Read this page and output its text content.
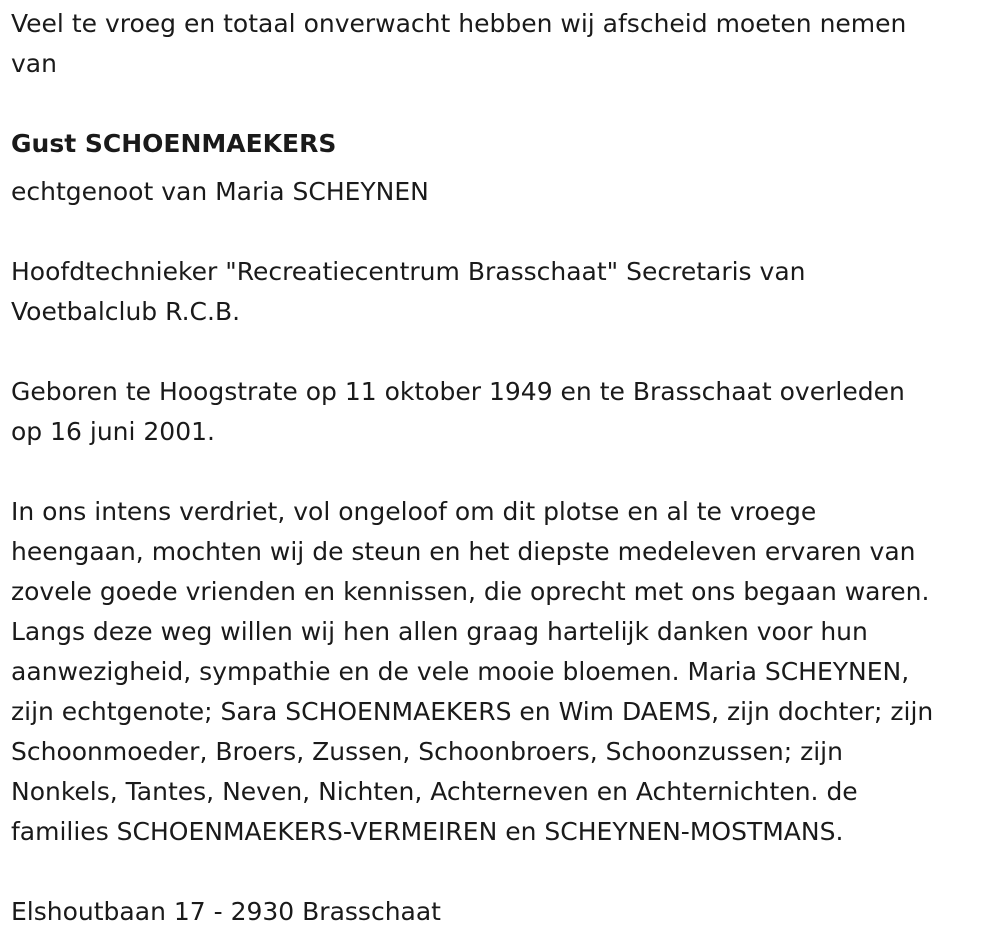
Veel te vroeg en totaal onverwacht hebben wij afscheid moeten nemen
van
Gust SCHOENMAEKERS
echtgenoot van Maria SCHEYNEN
Hoofdtechnieker "Recreatiecentrum Brasschaat" Secretaris van
Voetbalclub R.C.B.
Geboren te Hoogstrate op 11 oktober 1949 en te Brasschaat overleden
op 16 juni 2001.
In ons intens verdriet, vol ongeloof om dit plotse en al te vroege
heengaan, mochten wij de steun en het diepste medeleven ervaren van
zovele goede vrienden en kennissen, die oprecht met ons begaan waren.
Langs deze weg willen wij hen allen graag hartelijk danken voor hun
aanwezigheid, sympathie en de vele mooie bloemen. Maria SCHEYNEN,
zijn echtgenote; Sara SCHOENMAEKERS en Wim DAEMS, zijn dochter; zijn
Schoonmoeder, Broers, Zussen, Schoonbroers, Schoonzussen; zijn
Nonkels, Tantes, Neven, Nichten, Achterneven en Achternichten. de
families SCHOENMAEKERS-VERMEIREN en SCHEYNEN-MOSTMANS.
Elshoutbaan 17 - 2930 Brasschaat
